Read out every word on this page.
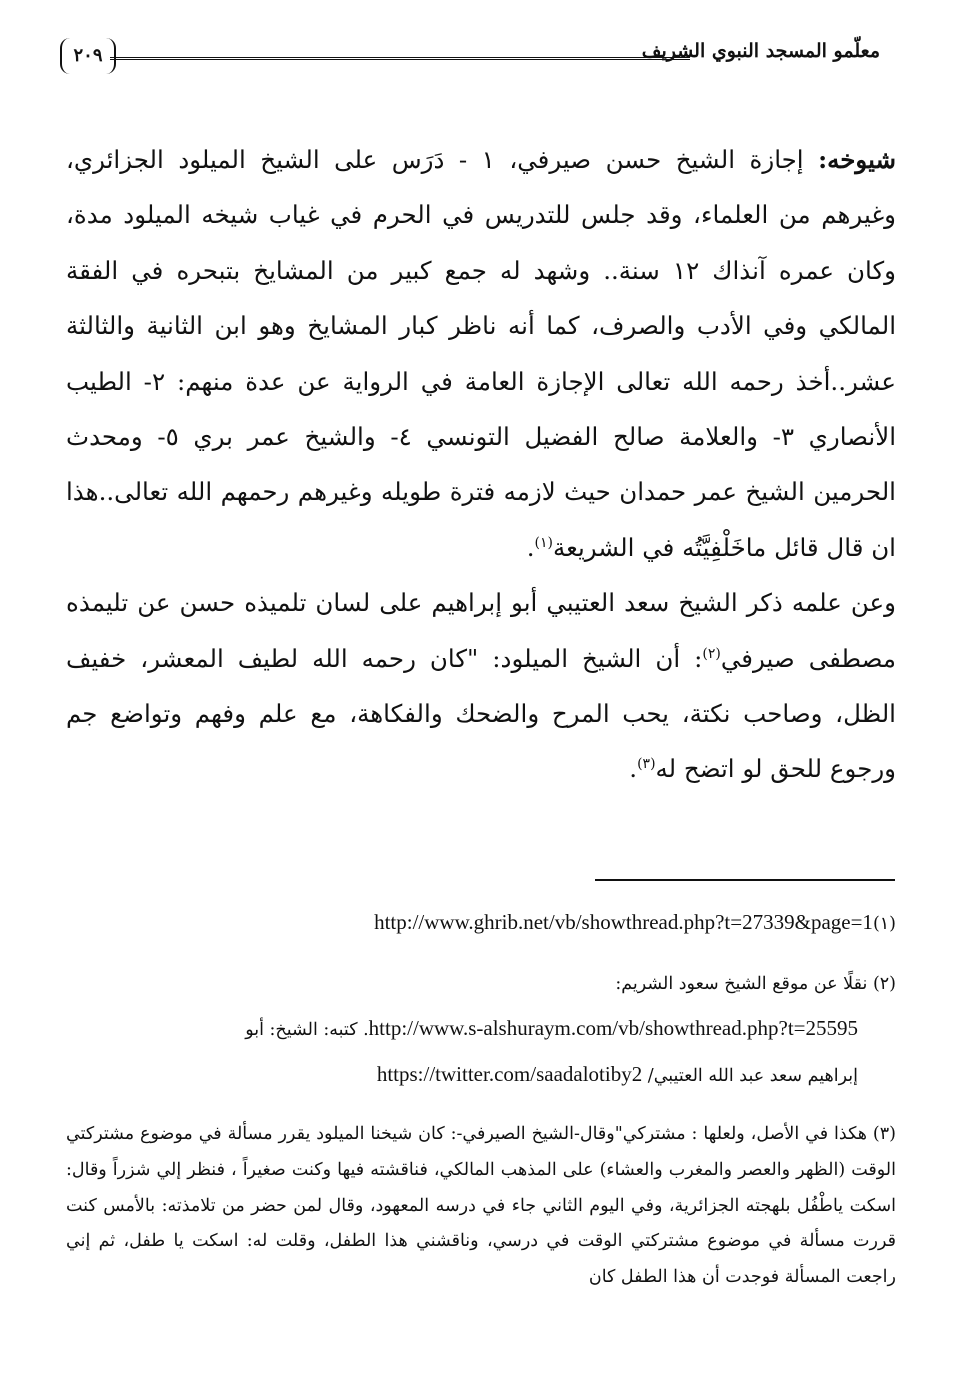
معلّمو المسجد النبوي الشريف
٢٠٩

شيوخه: إجازة الشيخ حسن صيرفي، ١ - دَرَس على الشيخ الميلود الجزائري، وغيرهم من العلماء، وقد جلس للتدريس في الحرم في غياب شيخه الميلود مدة، وكان عمره آنذاك ١٢ سنة.. وشهد له جمع كبير من المشايخ بتبحره في الفقة المالكي وفي الأدب والصرف، كما أنه ناظر كبار المشايخ وهو ابن الثانية والثالثة عشر..أخذ رحمه الله تعالى الإجازة العامة في الرواية عن عدة منهم: ٢- الطيب الأنصاري ٣- والعلامة صالح الفضيل التونسي ٤- والشيخ عمر بري ٥- ومحدث الحرمين الشيخ عمر حمدان حيث لازمه فترة طويله وغيرهم رحمهم الله تعالى..هذا ان قال قائل ماخَلْفِيَّتُه في الشريعة$^{(١)}$.

وعن علمه ذكر الشيخ سعد العتيبي أبو إبراهيم على لسان تلميذه حسن عن تليمذه مصطفى صيرفي$^{(٢)}$: أن الشيخ الميلود: "كان رحمه الله لطيف المعشر، خفيف الظل، وصاحب نكتة، يحب المرح والضحك والفكاهة، مع علم وفهم وتواضع جم ورجوع للحق لو اتضح له$^{(٣)}$.

(١)http://www.ghrib.net/vb/showthread.php?t=27339&page=1
(٢) نقلًا عن موقع الشيخ سعود الشريم:
http://www.s-alshuraym.com/vb/showthread.php?t=25595. كتبه: الشيخ: أبو
إبراهيم سعد عبد الله العتيبي/ https://twitter.com/saadalotiby2
(٣) هكذا في الأصل، ولعلها : مشتركي"وقال-الشيخ الصيرفي-: كان شيخنا الميلود يقرر مسألة في موضوع مشتركتي الوقت (الظهر والعصر والمغرب والعشاء) على المذهب المالكي، فناقشته فيها وكنت صغيراً ، فنظر إلي شزراً وقال: اسكت ياطْفُل بلهجته الجزائرية، وفي اليوم الثاني جاء في درسه المعهود، وقال لمن حضر من تلامذته: بالأمس كنت قررت مسألة في موضوع مشتركتي الوقت في درسي، وناقشني هذا الطفل، وقلت له: اسكت يا طفل، ثم إني راجعت المسألة فوجدت أن هذا الطفل كان
